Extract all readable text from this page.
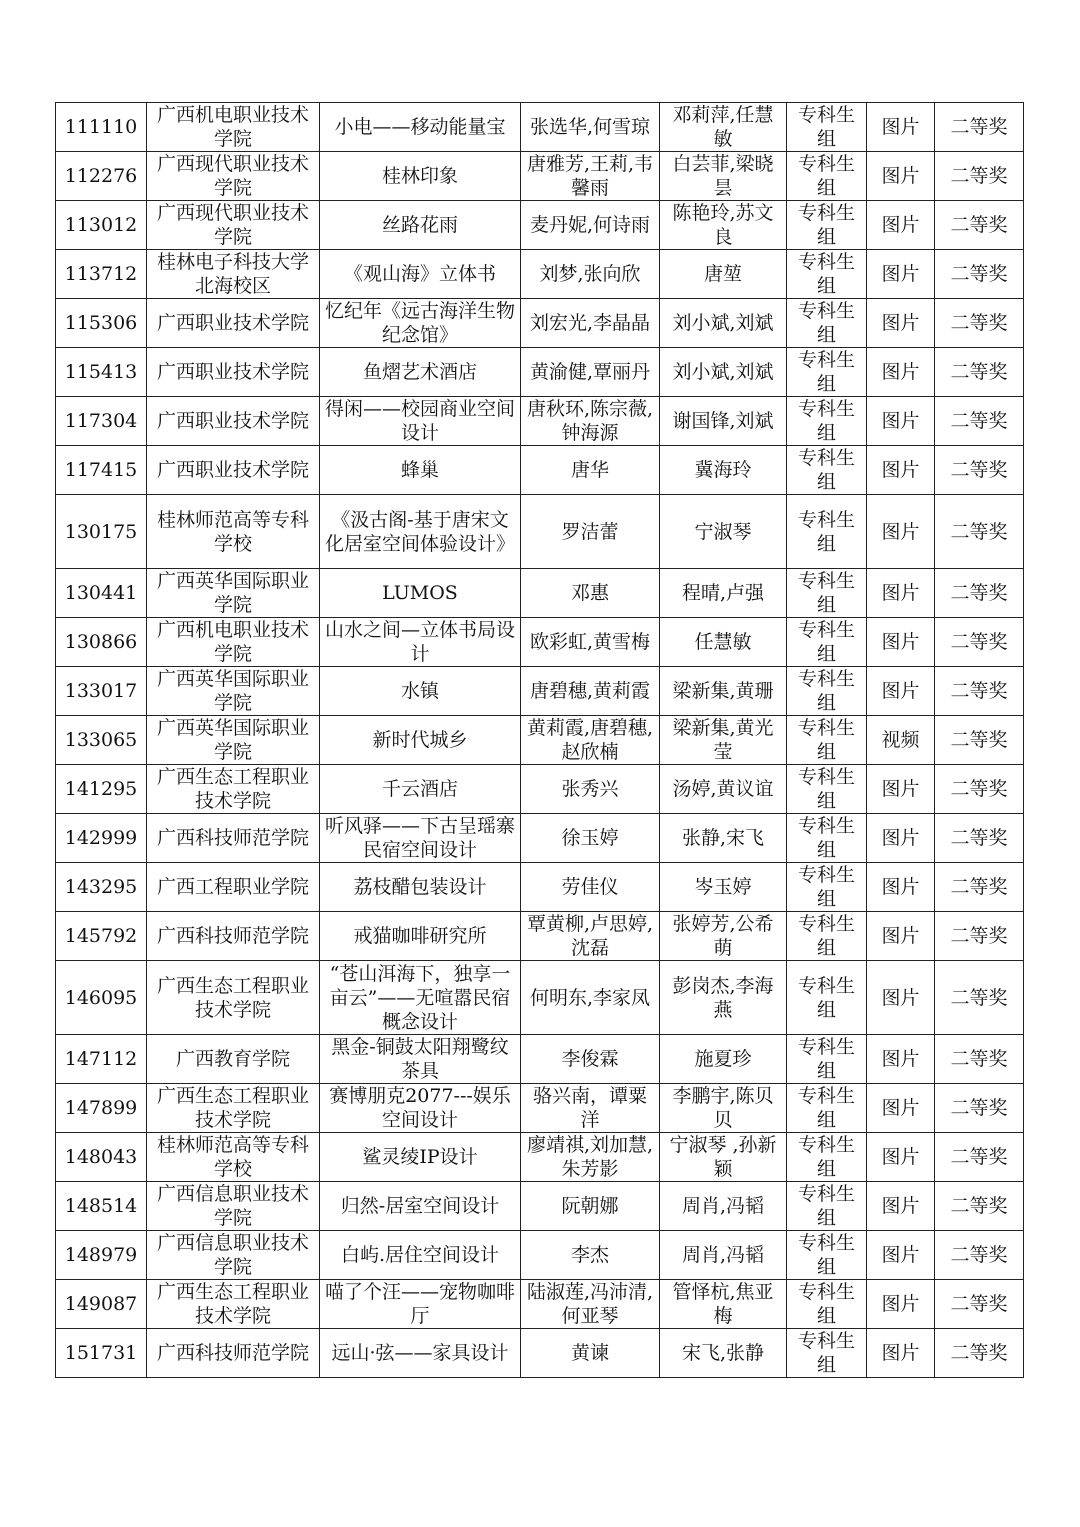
111110	广西机电职业技术学院	小电——移动能量宝	张选华,何雪琼	邓莉萍,任慧敏	专科生组	图片	二等奖
112276	广西现代职业技术学院	桂林印象	唐雅芳,王莉,韦馨雨	白芸菲,梁晓昙	专科生组	图片	二等奖
113012	广西现代职业技术学院	丝路花雨	麦丹妮,何诗雨	陈艳玲,苏文良	专科生组	图片	二等奖
113712	桂林电子科技大学北海校区	《观山海》立体书	刘梦,张向欣	唐堃	专科生组	图片	二等奖
115306	广西职业技术学院	忆纪年《远古海洋生物纪念馆》	刘宏光,李晶晶	刘小斌,刘斌	专科生组	图片	二等奖
115413	广西职业技术学院	鱼熠艺术酒店	黄渝健,覃丽丹	刘小斌,刘斌	专科生组	图片	二等奖
117304	广西职业技术学院	得闲——校园商业空间设计	唐秋环,陈宗薇,钟海源	谢国锋,刘斌	专科生组	图片	二等奖
117415	广西职业技术学院	蜂巢	唐华	冀海玲	专科生组	图片	二等奖
130175	桂林师范高等专科学校	《汲古阁-基于唐宋文化居室空间体验设计》	罗洁蕾	宁淑琴	专科生组	图片	二等奖
130441	广西英华国际职业学院	LUMOS	邓惠	程晴,卢强	专科生组	图片	二等奖
130866	广西机电职业技术学院	山水之间—立体书局设计	欧彩虹,黄雪梅	任慧敏	专科生组	图片	二等奖
133017	广西英华国际职业学院	水镇	唐碧穗,黄莉霞	梁新集,黄珊	专科生组	图片	二等奖
133065	广西英华国际职业学院	新时代城乡	黄莉霞,唐碧穗,赵欣楠	梁新集,黄光莹	专科生组	视频	二等奖
141295	广西生态工程职业技术学院	千云酒店	张秀兴	汤婷,黄议谊	专科生组	图片	二等奖
142999	广西科技师范学院	听风驿——下古呈瑶寨民宿空间设计	徐玉婷	张静,宋飞	专科生组	图片	二等奖
143295	广西工程职业学院	荔枝醋包装设计	劳佳仪	岑玉婷	专科生组	图片	二等奖
145792	广西科技师范学院	戒猫咖啡研究所	覃黄柳,卢思婷,沈磊	张婷芳,公希萌	专科生组	图片	二等奖
146095	广西生态工程职业技术学院	“苍山洱海下，独享一亩云”——无喧嚣民宿概念设计	何明东,李家凤	彭岗杰,李海燕	专科生组	图片	二等奖
147112	广西教育学院	黑金-铜鼓太阳翔鹭纹茶具	李俊霖	施夏珍	专科生组	图片	二等奖
147899	广西生态工程职业技术学院	赛博朋克2077---娱乐空间设计	骆兴南，谭粟洋	李鹏宇,陈贝贝	专科生组	图片	二等奖
148043	桂林师范高等专科学校	鲨灵绫IP设计	廖靖祺,刘加慧,朱芳影	宁淑琴 ,孙新颖	专科生组	图片	二等奖
148514	广西信息职业技术学院	归然-居室空间设计	阮朝娜	周肖,冯韬	专科生组	图片	二等奖
148979	广西信息职业技术学院	白屿.居住空间设计	李杰	周肖,冯韬	专科生组	图片	二等奖
149087	广西生态工程职业技术学院	喵了个汪——宠物咖啡厅	陆淑莲,冯沛清,何亚琴	管怿杭,焦亚梅	专科生组	图片	二等奖
151731	广西科技师范学院	远山·弦——家具设计	黄谏	宋飞,张静	专科生组	图片	二等奖
